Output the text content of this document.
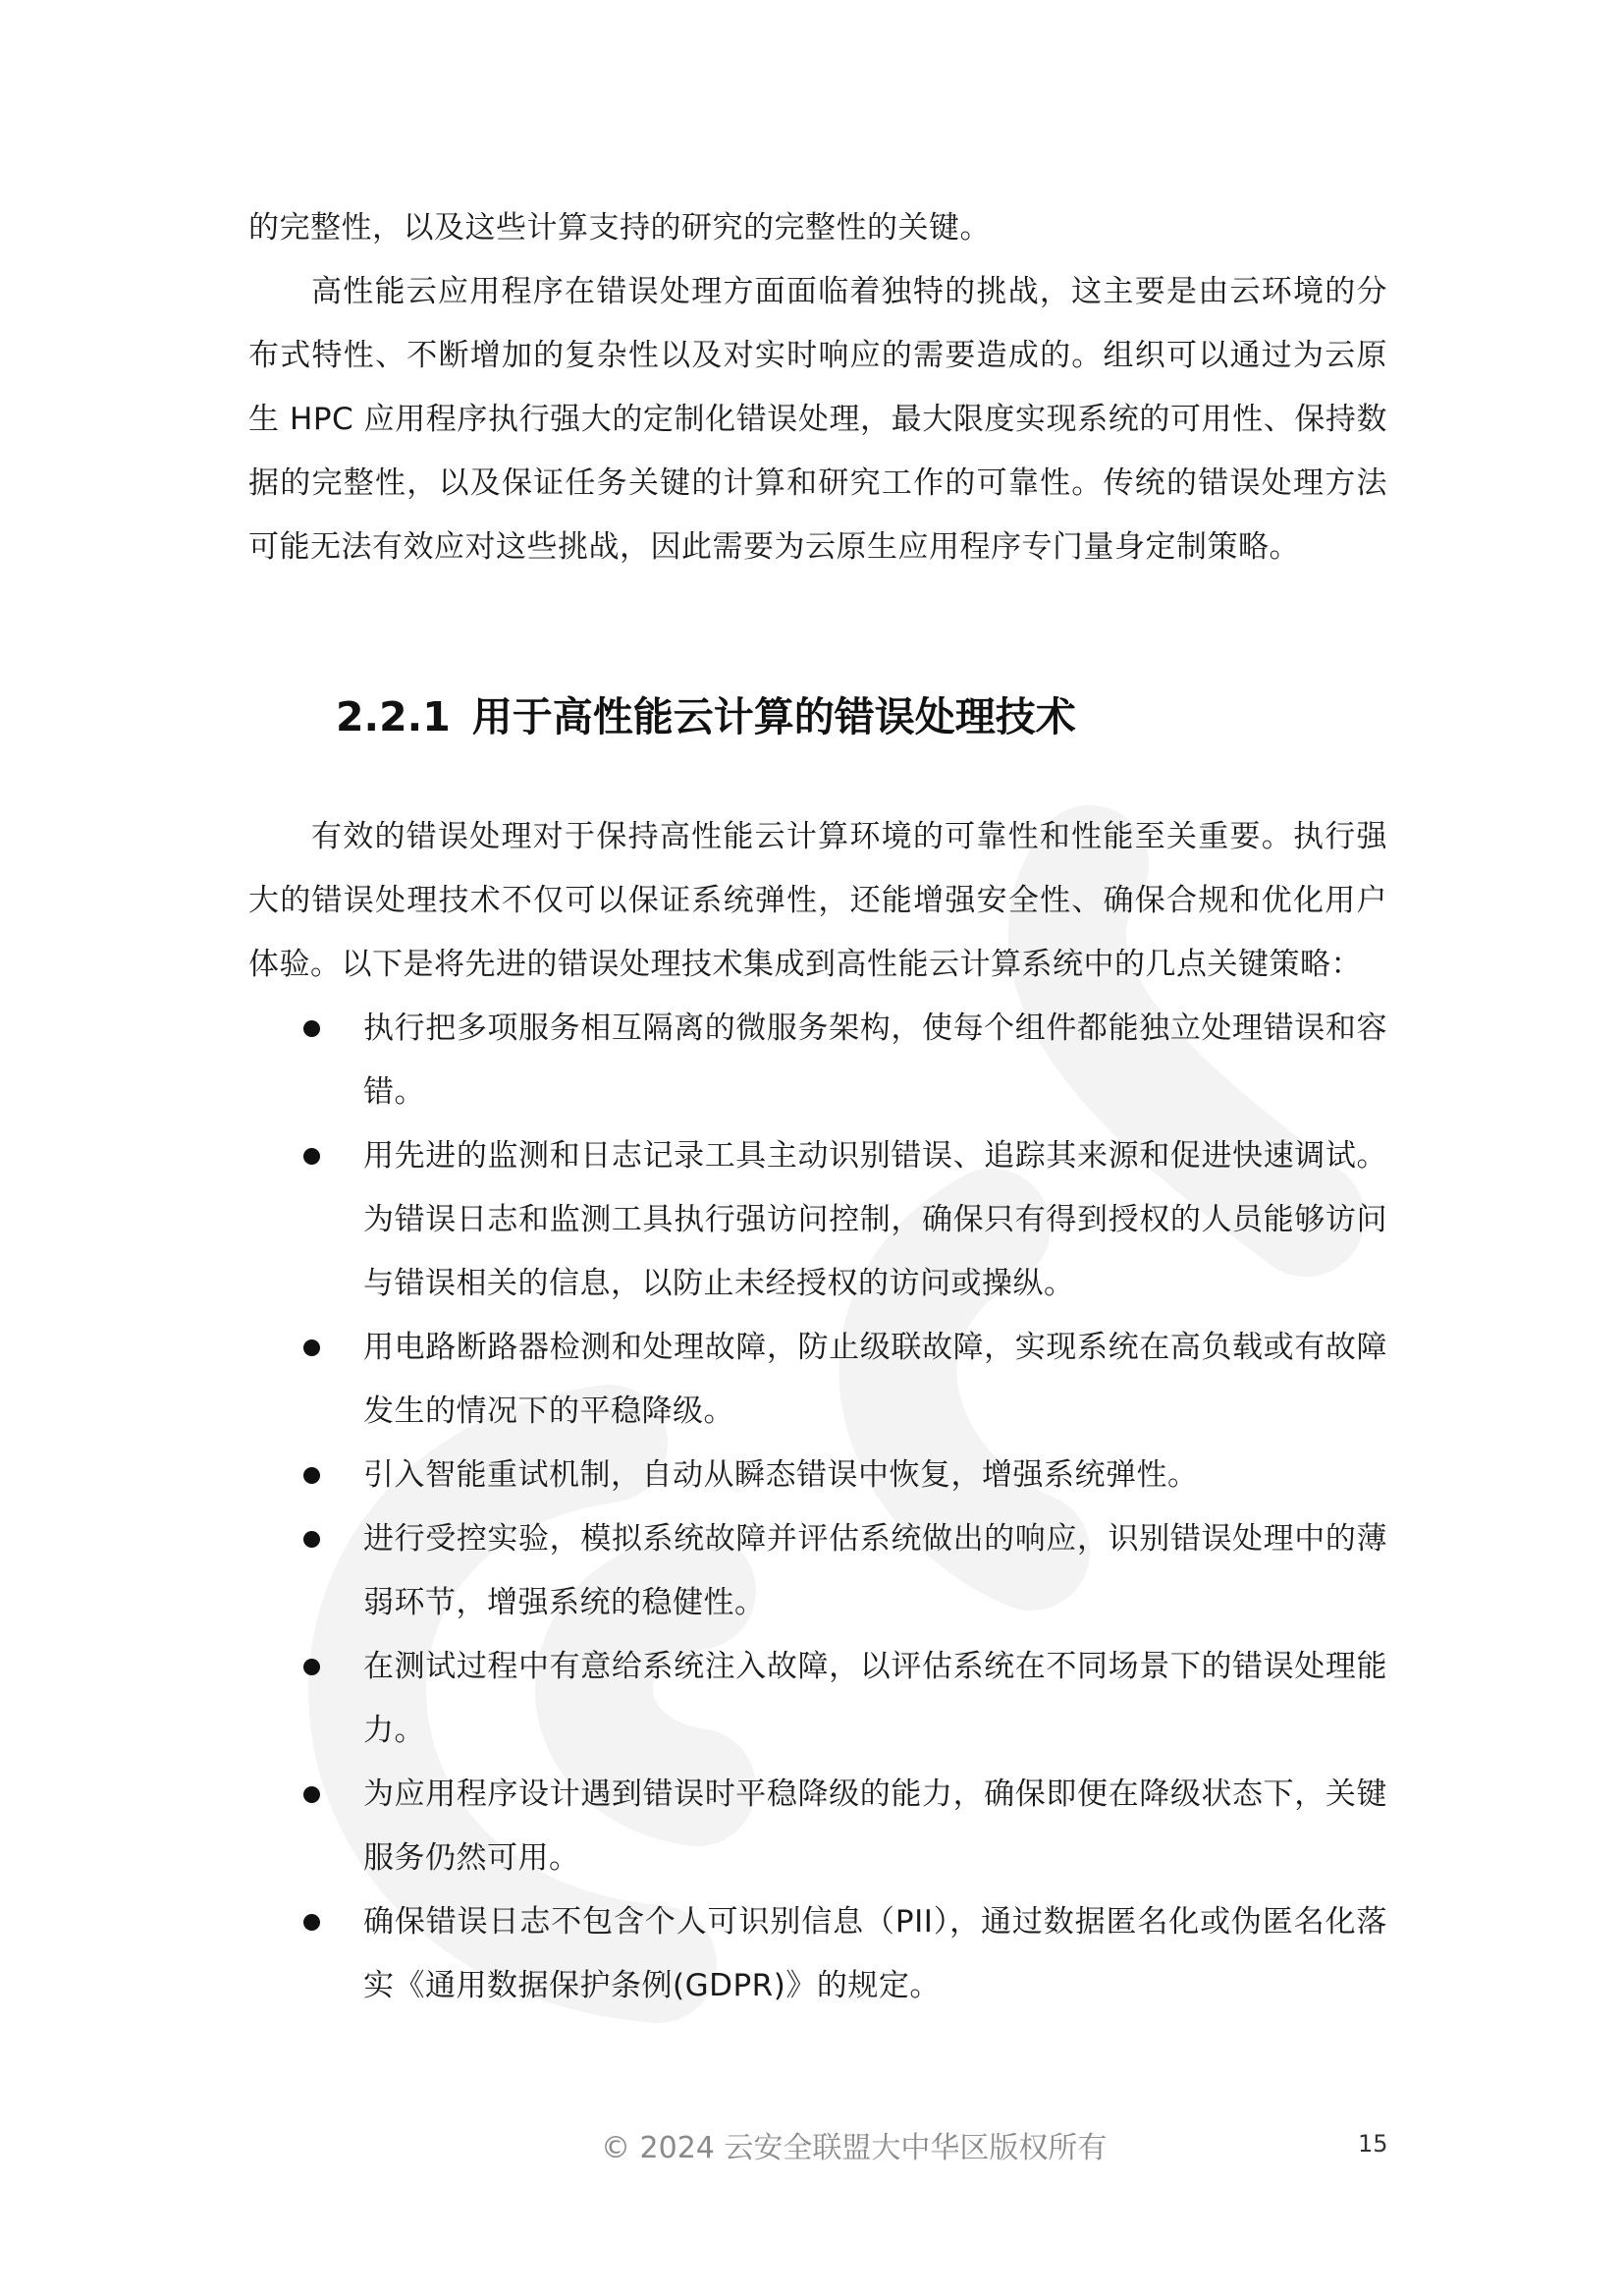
的完整性，以及这些计算支持的研究的完整性的关键。

高性能云应用程序在错误处理方面面临着独特的挑战，这主要是由云环境的分布式特性、不断增加的复杂性以及对实时响应的需要造成的。组织可以通过为云原生 HPC 应用程序执行强大的定制化错误处理，最大限度实现系统的可用性、保持数据的完整性，以及保证任务关键的计算和研究工作的可靠性。传统的错误处理方法可能无法有效应对这些挑战，因此需要为云原生应用程序专门量身定制策略。

2.2.1 用于高性能云计算的错误处理技术

有效的错误处理对于保持高性能云计算环境的可靠性和性能至关重要。执行强大的错误处理技术不仅可以保证系统弹性，还能增强安全性、确保合规和优化用户体验。以下是将先进的错误处理技术集成到高性能云计算系统中的几点关键策略：

执行把多项服务相互隔离的微服务架构，使每个组件都能独立处理错误和容错。
用先进的监测和日志记录工具主动识别错误、追踪其来源和促进快速调试。为错误日志和监测工具执行强访问控制，确保只有得到授权的人员能够访问与错误相关的信息，以防止未经授权的访问或操纵。
用电路断路器检测和处理故障，防止级联故障，实现系统在高负载或有故障发生的情况下的平稳降级。
引入智能重试机制，自动从瞬态错误中恢复，增强系统弹性。
进行受控实验，模拟系统故障并评估系统做出的响应，识别错误处理中的薄弱环节，增强系统的稳健性。
在测试过程中有意给系统注入故障，以评估系统在不同场景下的错误处理能力。
为应用程序设计遇到错误时平稳降级的能力，确保即便在降级状态下，关键服务仍然可用。
确保错误日志不包含个人可识别信息（PII），通过数据匿名化或伪匿名化落实《通用数据保护条例(GDPR)》的规定。
© 2024 云安全联盟大中华区版权所有	15
